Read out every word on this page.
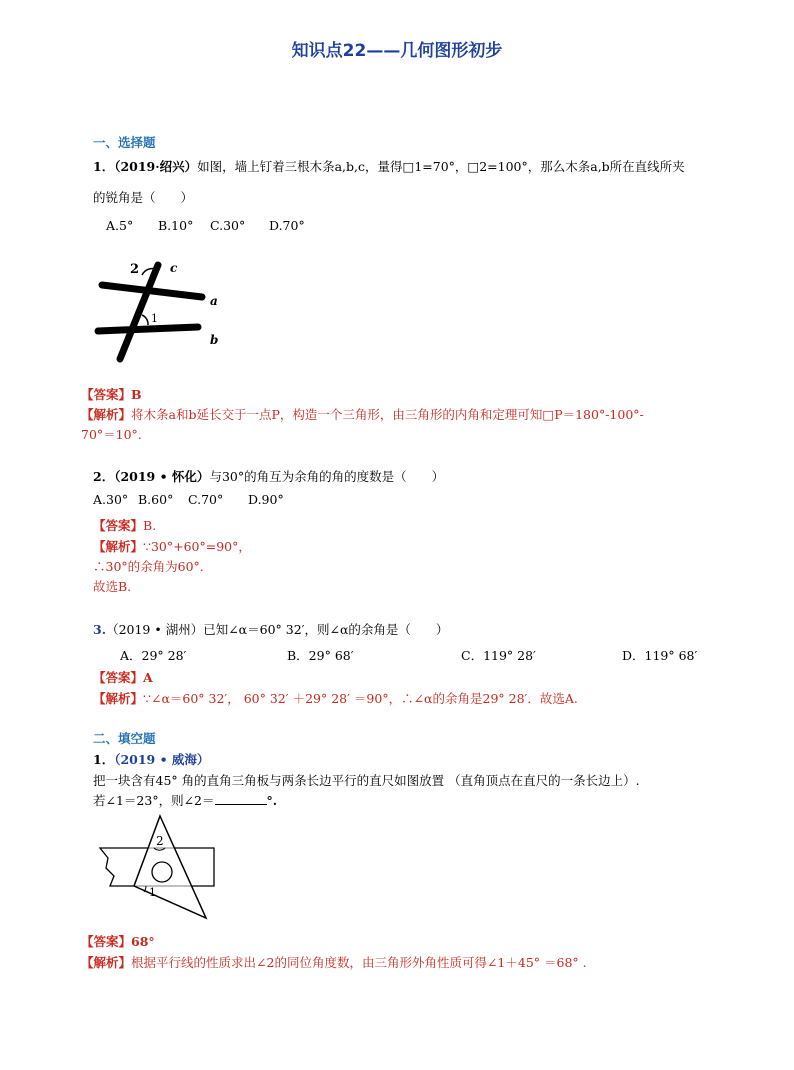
知识点22——几何图形初步
一、选择题
1．（2019·绍兴）如图，墙上钉着三根木条a,b,c，量得□1=70°，□2=100°，那么木条a,b所在直线所夹
的锐角是（　　）
A.5° B.10° C.30° D.70°
2	c
a
1
b
【答案】B
【解析】将木条a和b延长交于一点P，构造一个三角形，由三角形的内角和定理可知□P＝180°-100°-
70°＝10°.
2．（2019 • 怀化）与30°的角互为余角的角的度数是（　　）
A.30° B.60° C.70° D.90°
【答案】B.
【解析】∵30°+60°=90°，
∴30°的余角为60°.
故选B.
3.（2019 • 湖州）已知∠α＝60° 32′，则∠α的余角是（　　）
A．29° 28′	B．29° 68′	C．119° 28′	D．119° 68′
【答案】A
【解析】∵∠α＝60° 32′， 60° 32′ ＋29° 28′ ＝90°，∴∠α的余角是29° 28′．故选A.
二、填空题
1．（2019 • 威海）
把一块含有45° 角的直角三角板与两条长边平行的直尺如图放置 （直角顶点在直尺的一条长边上）.
若∠1＝23°，则∠2＝	°.
2
1
【答案】68°
【解析】根据平行线的性质求出∠2的同位角度数，由三角形外角性质可得∠1＋45° ＝68° .
